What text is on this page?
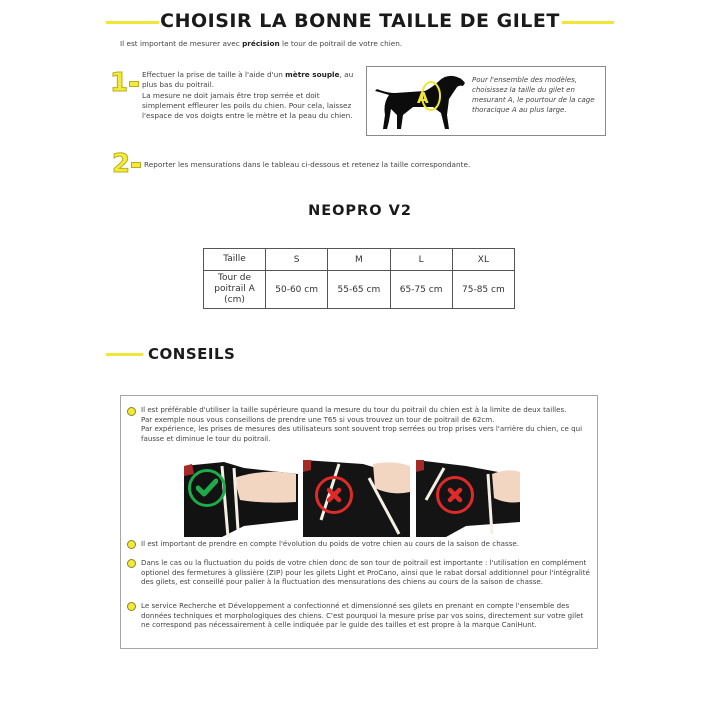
CHOISIR LA BONNE TAILLE DE GILET

Il est important de mesurer avec précision le tour de poitrail de votre chien.

1	Effectuer la prise de taille à l'aide d'un mètre souple, au plus bas du poitrail.
La mesure ne doit jamais être trop serrée et doit simplement effleurer les poils du chien. Pour cela, laissez l'espace de vos doigts entre le mètre et la peau du chien.

A

Pour l'ensemble des modèles, choisissez la taille du gilet en mesurant A, le pourtour de la cage thoracique A au plus large.

2	Reporter les mensurations dans le tableau ci-dessous et retenez la taille correspondante.

NEOPRO V2
Taille	S	M	L	XL
Tour de
poitrail A
(cm)	50-60 cm	55-65 cm	65-75 cm	75-85 cm
CONSEILS

Il est préférable d'utiliser la taille supérieure quand la mesure du tour du poitrail du chien est à la limite de deux tailles.
Par exemple nous vous conseillons de prendre une T65 si vous trouvez un tour de poitrail de 62cm.
Par expérience, les prises de mesures des utilisateurs sont souvent trop serrées ou trop prises vers l'arrière du chien, ce qui fausse et diminue le tour du poitrail.

Il est important de prendre en compte l'évolution du poids de votre chien au cours de la saison de chasse.

Dans le cas ou la fluctuation du poids de votre chien donc de son tour de poitrail est importante : l'utilisation en complément optionel des fermetures à glissière (ZIP) pour les gilets Light et ProCano, ainsi que le rabat dorsal additionnel pour l'intégralité des gilets, est conseillé pour palier à la fluctuation des mensurations des chiens au cours de la saison de chasse.

Le service Recherche et Développement a confectionné et dimensionné ses gilets en prenant en compte l'ensemble des données techniques et morphologiques des chiens. C'est pourquoi la mesure prise par vos soins, directement sur votre gilet ne correspond pas nécessairement à celle indiquée par le guide des tailles et est propre à la marque CaniHunt.
